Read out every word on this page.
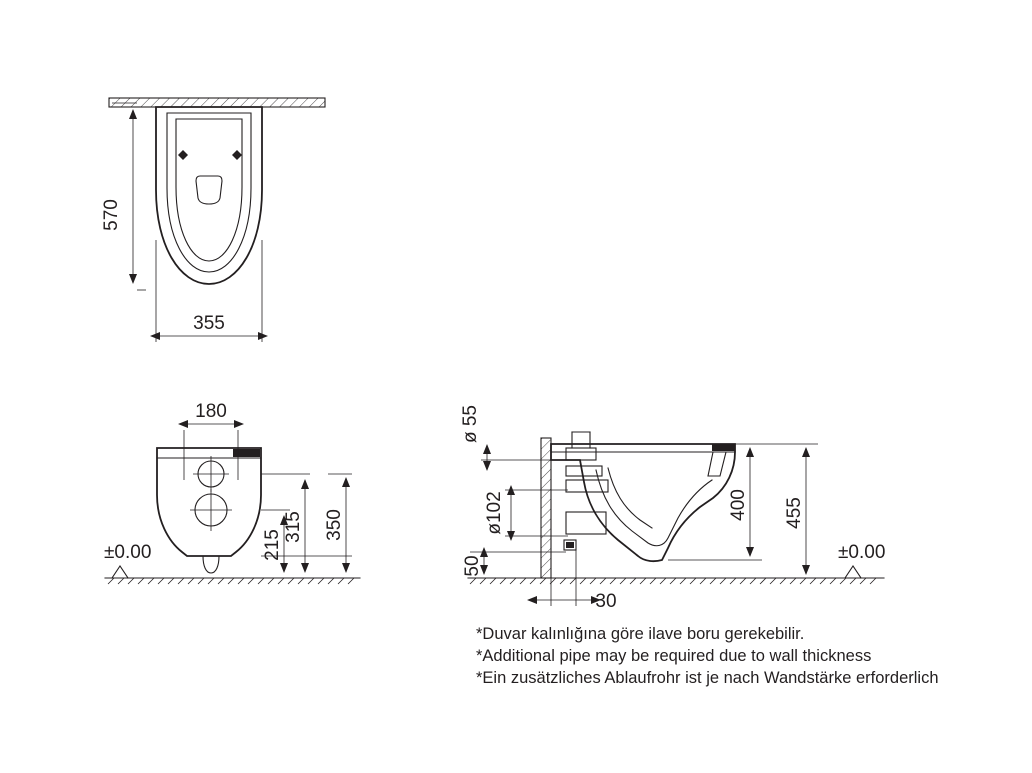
570
355
±0.00
180
215
315 350
±0.00
ø 55
ø102
50
30
400 455
*Duvar kalınlığına göre ilave boru gerekebilir.
*Additional pipe may be required due to wall thickness
*Ein zusätzliches Ablaufrohr ist je nach Wandstärke erforderlich
